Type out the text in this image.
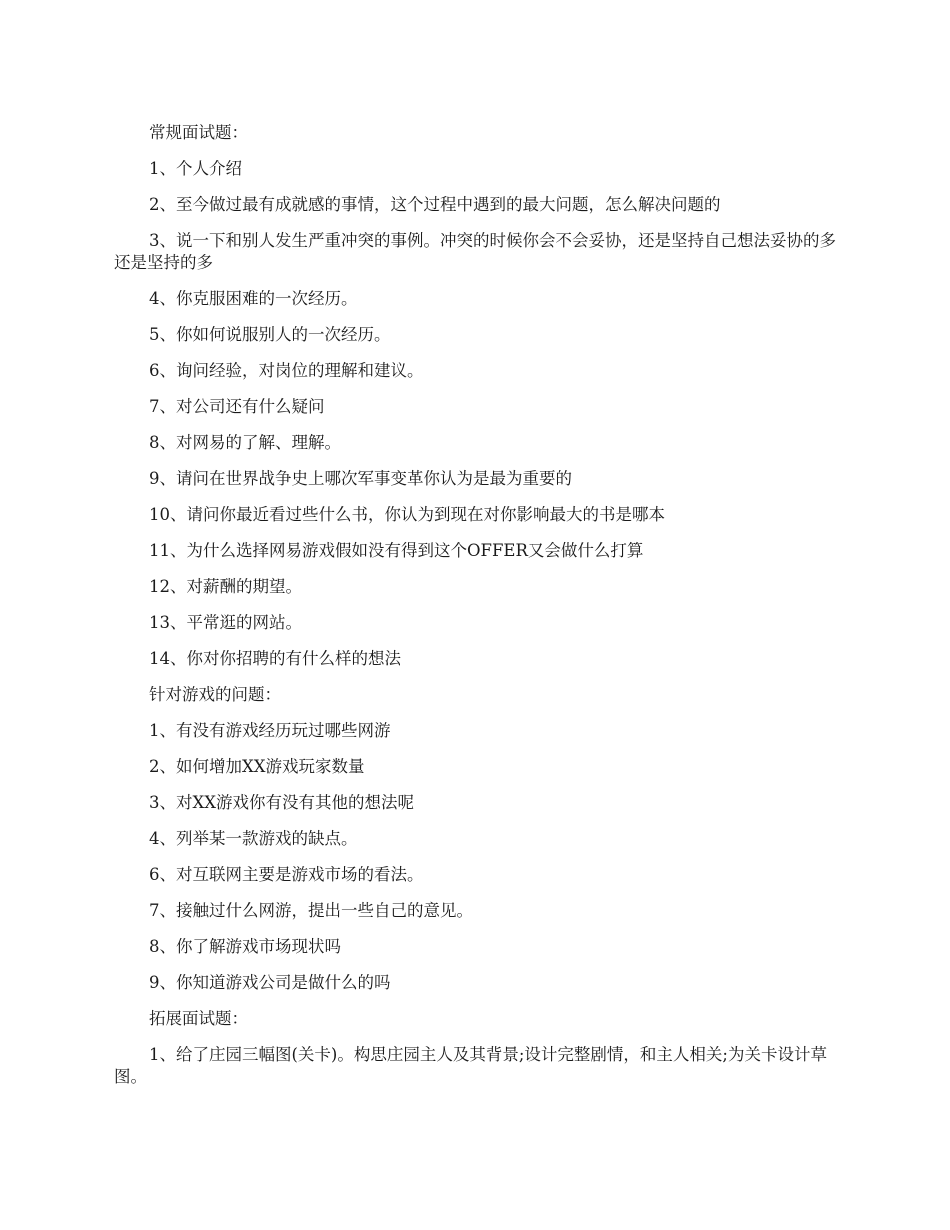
常规面试题：

1、个人介绍

2、至今做过最有成就感的事情，这个过程中遇到的最大问题，怎么解决问题的

3、说一下和别人发生严重冲突的事例。冲突的时候你会不会妥协，还是坚持自己想法妥协的多还是坚持的多

4、你克服困难的一次经历。

5、你如何说服别人的一次经历。

6、询问经验，对岗位的理解和建议。

7、对公司还有什么疑问

8、对网易的了解、理解。

9、请问在世界战争史上哪次军事变革你认为是最为重要的

10、请问你最近看过些什么书，你认为到现在对你影响最大的书是哪本

11、为什么选择网易游戏假如没有得到这个OFFER又会做什么打算

12、对薪酬的期望。

13、平常逛的网站。

14、你对你招聘的有什么样的想法

针对游戏的问题：

1、有没有游戏经历玩过哪些网游

2、如何增加XX游戏玩家数量

3、对XX游戏你有没有其他的想法呢

4、列举某一款游戏的缺点。

6、对互联网主要是游戏市场的看法。

7、接触过什么网游，提出一些自己的意见。

8、你了解游戏市场现状吗

9、你知道游戏公司是做什么的吗

拓展面试题：

1、给了庄园三幅图(关卡)。构思庄园主人及其背景;设计完整剧情，和主人相关;为关卡设计草图。
